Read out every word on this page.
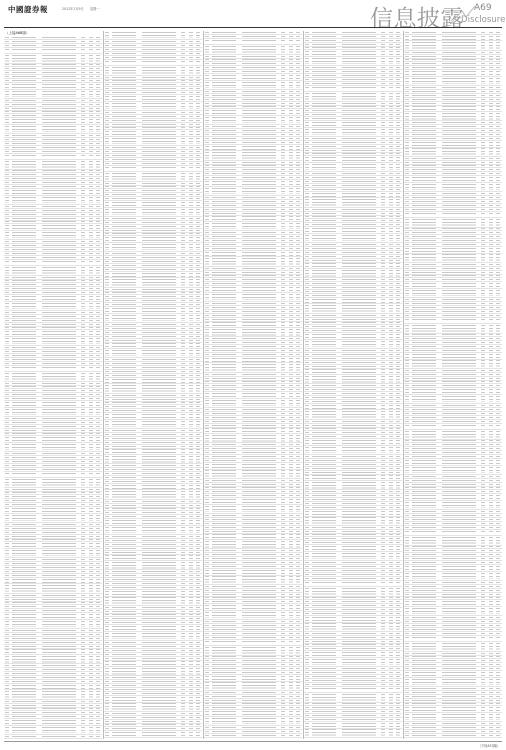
中國證券報	2012年1月9日 星期一	信息披露 A69
Disclosure
（上接A68版）
（下转A70版）
